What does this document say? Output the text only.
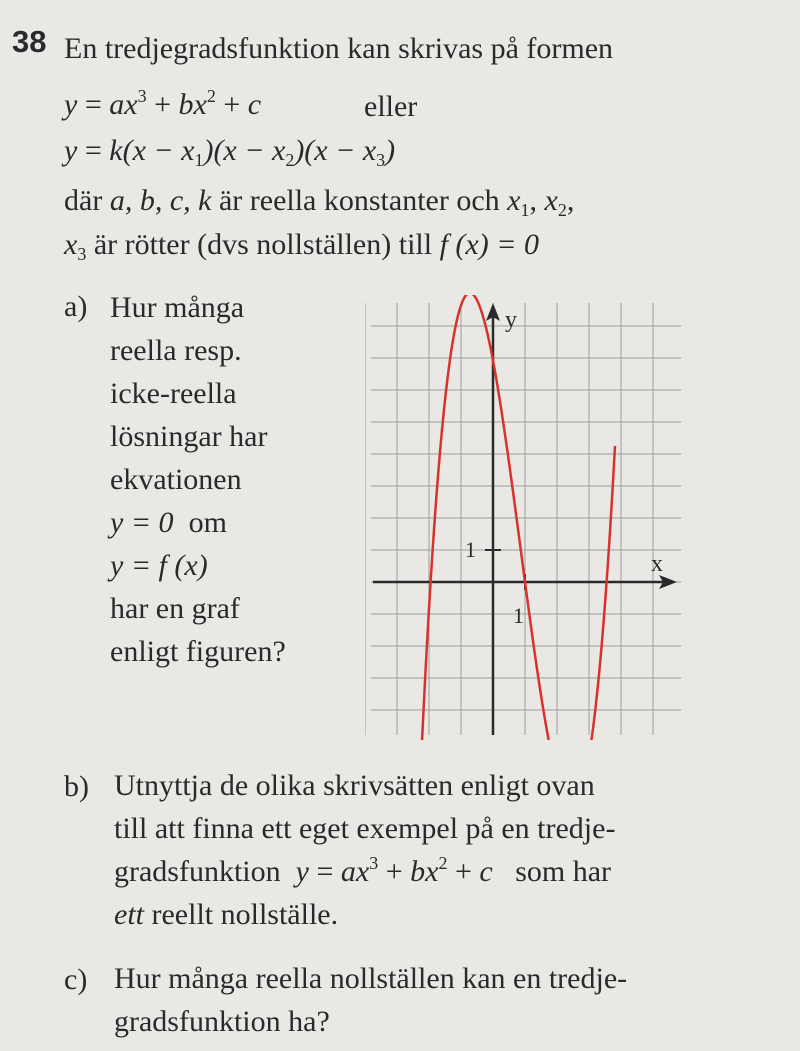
38 En tredjegradsfunktion kan skrivas på formen
$y = ax^3 + bx^2 + c$	eller
$y = k(x - x_1)(x - x_2)(x - x_3)$
där a, b, c, k är reella konstanter och $x_1$, $x_2$,
$x_3$ är rötter (dvs nollställen) till f (x) = 0
a) Hur många
reella resp.
icke-reella
lösningar har
ekvationen
y = 0 om
y = f (x)
har en graf
enligt figuren?
y
x
1
1
b) Utnyttja de olika skrivsätten enligt ovan
till att finna ett eget exempel på en tredje-
gradsfunktion $y = ax^3 + bx^2 + c$ som har
ett reellt nollställe.
c) Hur många reella nollställen kan en tredje-
gradsfunktion ha?
